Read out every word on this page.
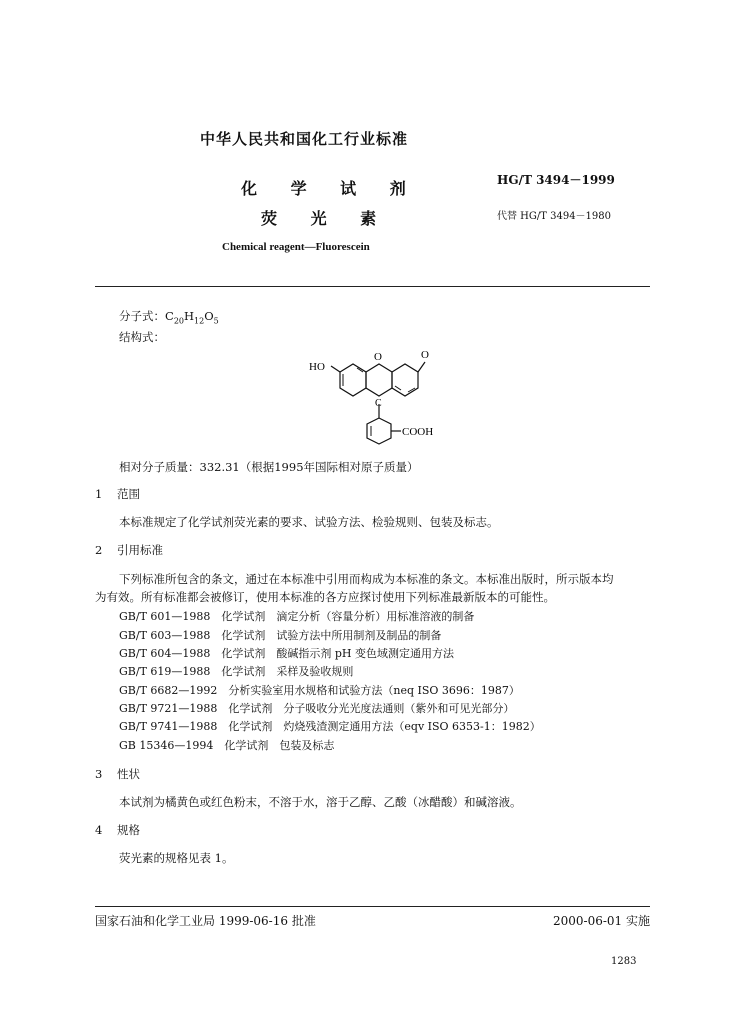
中华人民共和国化工行业标准
HG/T 3494－1999
化 学 试 剂
荧 光 素	代替 HG/T 3494－1980
Chemical reagent—Fluorescein
分子式：$C_{20}H_{12}O_5$
结构式：
HO
O	O
C
COOH
相对分子质量：332.31（根据1995年国际相对原子质量）
1 范围
本标准规定了化学试剂荧光素的要求、试验方法、检验规则、包装及标志。
2 引用标准
下列标准所包含的条文，通过在本标准中引用而构成为本标准的条文。本标准出版时，所示版本均
为有效。所有标准都会被修订，使用本标准的各方应探讨使用下列标准最新版本的可能性。
GB/T 601—1988　化学试剂　滴定分析（容量分析）用标准溶液的制备
GB/T 603—1988　化学试剂　试验方法中所用制剂及制品的制备
GB/T 604—1988　化学试剂　酸碱指示剂 pH 变色域测定通用方法
GB/T 619—1988　化学试剂　采样及验收规则
GB/T 6682—1992　分析实验室用水规格和试验方法（neq ISO 3696：1987）
GB/T 9721—1988　化学试剂　分子吸收分光光度法通则（紫外和可见光部分）
GB/T 9741—1988　化学试剂　灼烧残渣测定通用方法（eqv ISO 6353-1：1982）
GB 15346—1994　化学试剂　包装及标志
3 性状
本试剂为橘黄色或红色粉末，不溶于水，溶于乙醇、乙酸（冰醋酸）和碱溶液。
4 规格
荧光素的规格见表 1。
国家石油和化学工业局 1999-06-16 批准	2000-06-01 实施
1283
